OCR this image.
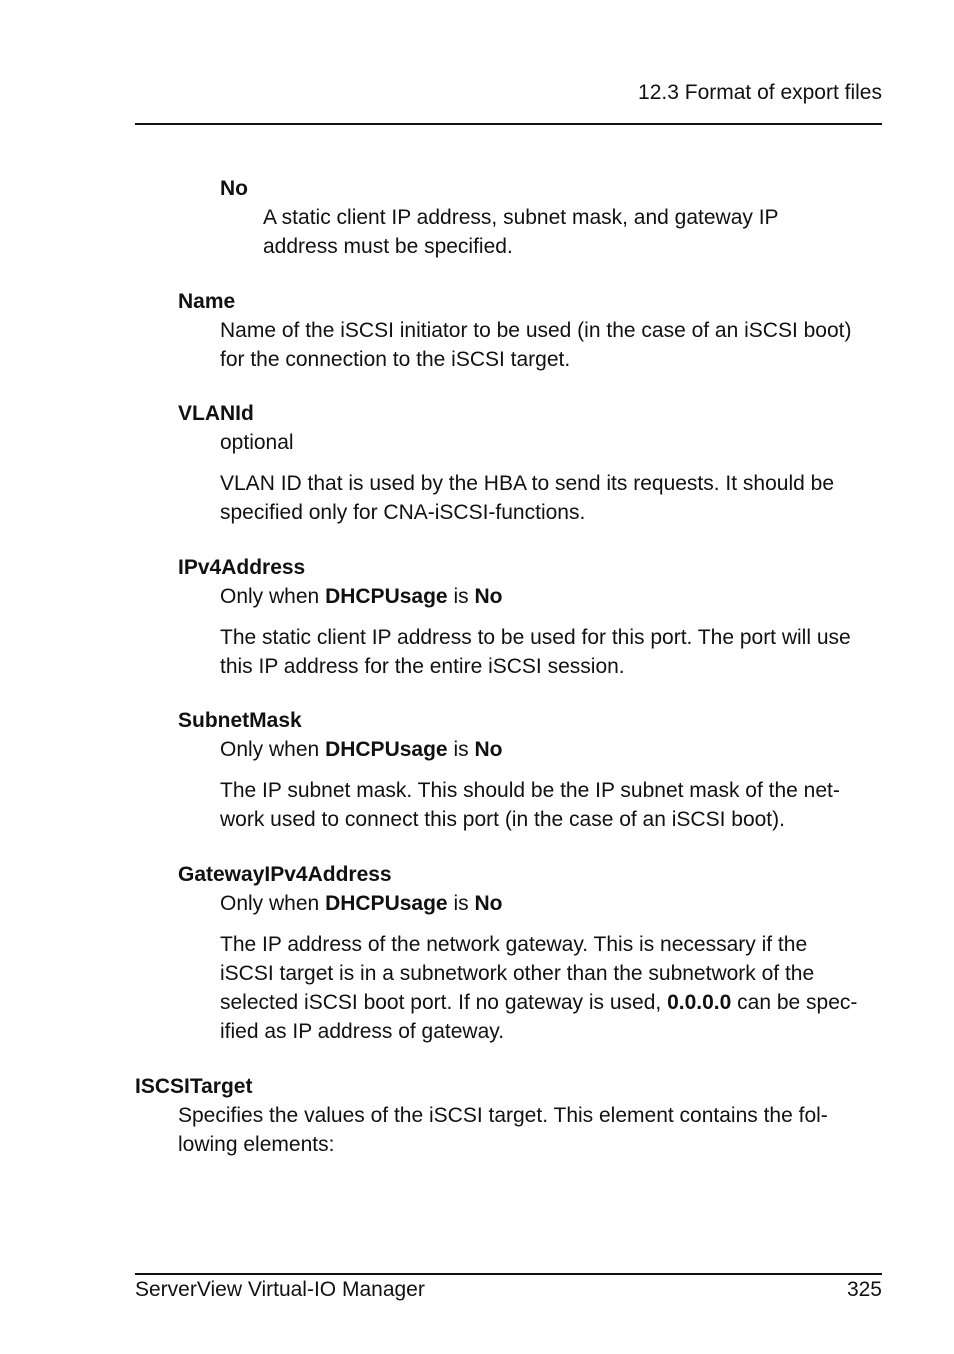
12.3 Format of export files
No
A static client IP address, subnet mask, and gateway IP
address must be specified.
Name
Name of the iSCSI initiator to be used (in the case of an iSCSI boot)
for the connection to the iSCSI target.
VLANId
optional
VLAN ID that is used by the HBA to send its requests. It should be
specified only for CNA-iSCSI-functions.
IPv4Address
Only when DHCPUsage is No
The static client IP address to be used for this port. The port will use
this IP address for the entire iSCSI session.
SubnetMask
Only when DHCPUsage is No
The IP subnet mask. This should be the IP subnet mask of the net-
work used to connect this port (in the case of an iSCSI boot).
GatewayIPv4Address
Only when DHCPUsage is No
The IP address of the network gateway. This is necessary if the
iSCSI target is in a subnetwork other than the subnetwork of the
selected iSCSI boot port. If no gateway is used, 0.0.0.0 can be spec-
ified as IP address of gateway.
ISCSITarget
Specifies the values of the iSCSI target. This element contains the fol-
lowing elements:
ServerView Virtual-IO Manager	325
